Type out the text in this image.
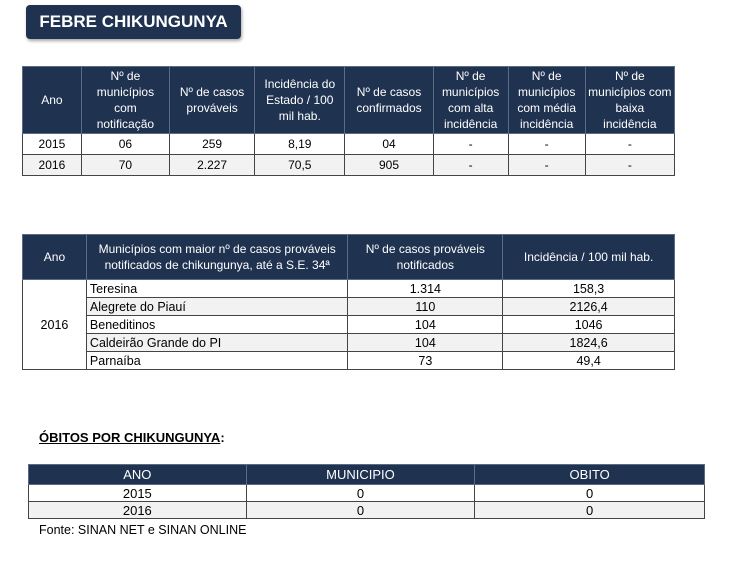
FEBRE CHIKUNGUNYA
Ano	Nº de municípios com notificação	Nº de casos prováveis	Incidência do Estado / 100 mil hab.	Nº de casos confirmados	Nº de municípios com alta incidência	Nº de municípios com média incidência	Nº de municípios com baixa incidência
2015	06	259	8,19	04	-	-	-
2016	70	2.227	70,5	905	-	-	-
Ano	Municípios com maior nº de casos prováveis notificados de chikungunya, até a S.E. 34ª	Nº de casos prováveis notificados	Incidência / 100 mil hab.
2016	Teresina	1.314	158,3
	Alegrete do Piauí	110	2126,4
	Beneditinos	104	1046
	Caldeirão Grande do PI	104	1824,6
	Parnaíba	73	49,4
ÓBITOS POR CHIKUNGUNYA:
ANO	MUNICIPIO	OBITO
2015	0	0
2016	0	0
Fonte: SINAN NET e SINAN ONLINE
